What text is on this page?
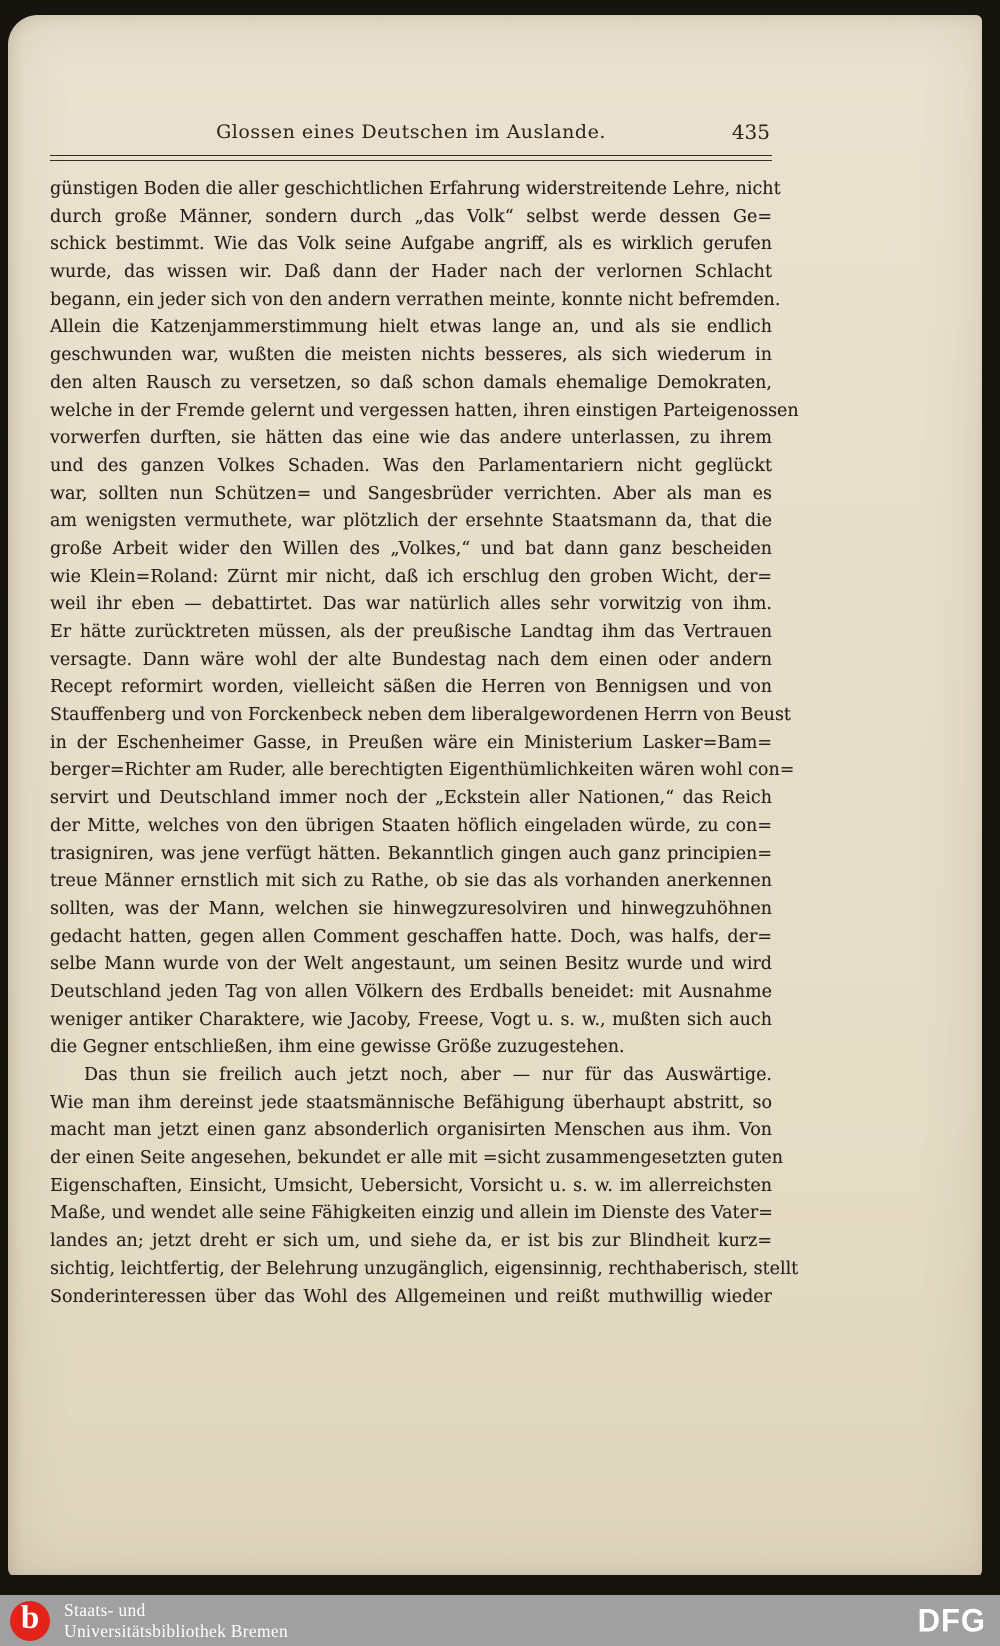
Glossen eines Deutschen im Auslande.	435
günstigen Boden die aller geschichtlichen Erfahrung widerstreitende Lehre, nicht
durch große Männer, sondern durch „das Volk“ selbst werde dessen Ge=
schick bestimmt. Wie das Volk seine Aufgabe angriff, als es wirklich gerufen
wurde, das wissen wir. Daß dann der Hader nach der verlornen Schlacht
begann, ein jeder sich von den andern verrathen meinte, konnte nicht befremden.
Allein die Katzenjammerstimmung hielt etwas lange an, und als sie endlich
geschwunden war, wußten die meisten nichts besseres, als sich wiederum in
den alten Rausch zu versetzen, so daß schon damals ehemalige Demokraten,
welche in der Fremde gelernt und vergessen hatten, ihren einstigen Parteigenossen
vorwerfen durften, sie hätten das eine wie das andere unterlassen, zu ihrem
und des ganzen Volkes Schaden. Was den Parlamentariern nicht geglückt
war, sollten nun Schützen= und Sangesbrüder verrichten. Aber als man es
am wenigsten vermuthete, war plötzlich der ersehnte Staatsmann da, that die
große Arbeit wider den Willen des „Volkes,“ und bat dann ganz bescheiden
wie Klein=Roland: Zürnt mir nicht, daß ich erschlug den groben Wicht, der=
weil ihr eben — debattirtet. Das war natürlich alles sehr vorwitzig von ihm.
Er hätte zurücktreten müssen, als der preußische Landtag ihm das Vertrauen
versagte. Dann wäre wohl der alte Bundestag nach dem einen oder andern
Recept reformirt worden, vielleicht säßen die Herren von Bennigsen und von
Stauffenberg und von Forckenbeck neben dem liberalgewordenen Herrn von Beust
in der Eschenheimer Gasse, in Preußen wäre ein Ministerium Lasker=Bam=
berger=Richter am Ruder, alle berechtigten Eigenthümlichkeiten wären wohl con=
servirt und Deutschland immer noch der „Eckstein aller Nationen,“ das Reich
der Mitte, welches von den übrigen Staaten höflich eingeladen würde, zu con=
trasigniren, was jene verfügt hätten. Bekanntlich gingen auch ganz principien=
treue Männer ernstlich mit sich zu Rathe, ob sie das als vorhanden anerkennen
sollten, was der Mann, welchen sie hinwegzuresolviren und hinwegzuhöhnen
gedacht hatten, gegen allen Comment geschaffen hatte. Doch, was halfs, der=
selbe Mann wurde von der Welt angestaunt, um seinen Besitz wurde und wird
Deutschland jeden Tag von allen Völkern des Erdballs beneidet: mit Ausnahme
weniger antiker Charaktere, wie Jacoby, Freese, Vogt u. s. w., mußten sich auch
die Gegner entschließen, ihm eine gewisse Größe zuzugestehen.
Das thun sie freilich auch jetzt noch, aber — nur für das Auswärtige.
Wie man ihm dereinst jede staatsmännische Befähigung überhaupt abstritt, so
macht man jetzt einen ganz absonderlich organisirten Menschen aus ihm. Von
der einen Seite angesehen, bekundet er alle mit =sicht zusammengesetzten guten
Eigenschaften, Einsicht, Umsicht, Uebersicht, Vorsicht u. s. w. im allerreichsten
Maße, und wendet alle seine Fähigkeiten einzig und allein im Dienste des Vater=
landes an; jetzt dreht er sich um, und siehe da, er ist bis zur Blindheit kurz=
sichtig, leichtfertig, der Belehrung unzugänglich, eigensinnig, rechthaberisch, stellt
Sonderinteressen über das Wohl des Allgemeinen und reißt muthwillig wieder
b Staats- und
Universitätsbibliothek Bremen	DFG
